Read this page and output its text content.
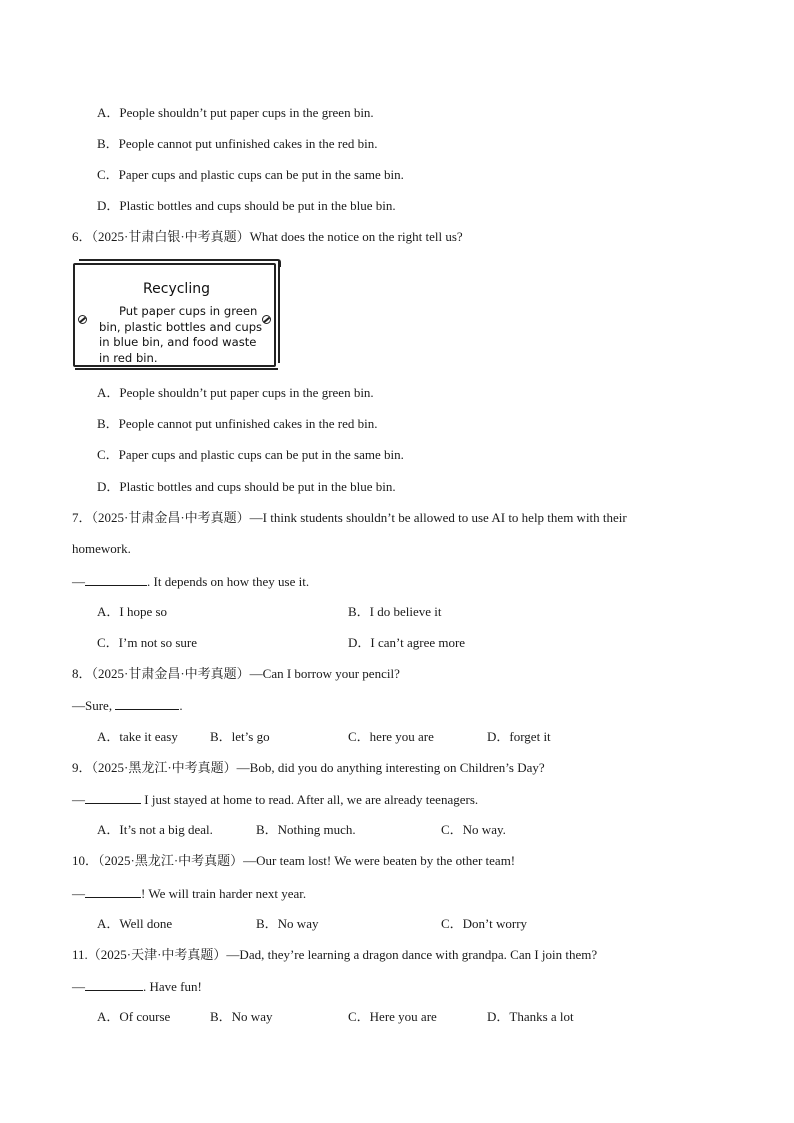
A．People shouldn’t put paper cups in the green bin.
B．People cannot put unfinished cakes in the red bin.
C．Paper cups and plastic cups can be put in the same bin.
D．Plastic bottles and cups should be put in the blue bin.
6．（2025·甘肃白银·中考真题）What does the notice on the right tell us?
Recycling
Put paper cups in green
bin, plastic bottles and cups
in blue bin, and food waste
in red bin.
A．People shouldn’t put paper cups in the green bin.
B．People cannot put unfinished cakes in the red bin.
C．Paper cups and plastic cups can be put in the same bin.
D．Plastic bottles and cups should be put in the blue bin.
7．（2025·甘肃金昌·中考真题）—I think students shouldn’t be allowed to use AI to help them with their
homework.
—	. It depends on how they use it.
A．I hope so	B．I do believe it
C．I’m not so sure	D．I can’t agree more
8．（2025·甘肃金昌·中考真题）—Can I borrow your pencil?
—Sure,	.
A．take it easy B．let’s go	C．here you are	D．forget it
9．（2025·黑龙江·中考真题）—Bob, did you do anything interesting on Children’s Day?
—	I just stayed at home to read. After all, we are already teenagers.
A．It’s not a big deal.	B．Nothing much.	C．No way.
10．（2025·黑龙江·中考真题）—Our team lost! We were beaten by the other team!
—	! We will train harder next year.
A．Well done	B．No way	C．Don’t worry
11.（2025·天津·中考真题）—Dad, they’re learning a dragon dance with grandpa. Can I join them?
—	. Have fun!
A．Of course	B．No way	C．Here you are	D．Thanks a lot
